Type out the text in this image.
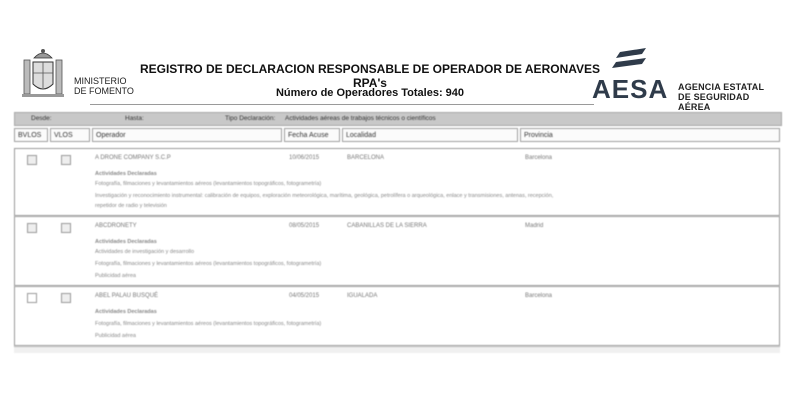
MINISTERIO
DE FOMENTO
REGISTRO DE DECLARACION RESPONSABLE DE OPERADOR DE AERONAVES RPA's
Número de Operadores Totales: 940	AESA AGENCIA ESTATAL
DE SEGURIDAD AÉREA
Desde:	Hasta:	Tipo Declaración: Actividades aéreas de trabajos técnicos o científicos
BVLOS	VLOS	Operador	Fecha Acuse	Localidad	Provincia
A DRONE COMPANY S.C.P	10/06/2015	BARCELONA	Barcelona
Actividades Declaradas
Fotografía, filmaciones y levantamientos aéreos (levantamientos topográficos, fotogrametría)
Investigación y reconocimiento instrumental: calibración de equipos, exploración meteorológica, marítima, geológica, petrolífera o arqueológica, enlace y transmisiones, antenas, recepción,
repetidor de radio y televisión
ABCDRONETY	08/05/2015	CABANILLAS DE LA SIERRA	Madrid
Actividades Declaradas
Actividades de investigación y desarrollo
Fotografía, filmaciones y levantamientos aéreos (levantamientos topográficos, fotogrametría)
Publicidad aérea
ABEL PALAU BUSQUÉ	04/05/2015	IGUALADA	Barcelona
Actividades Declaradas
Fotografía, filmaciones y levantamientos aéreos (levantamientos topográficos, fotogrametría)
Publicidad aérea
